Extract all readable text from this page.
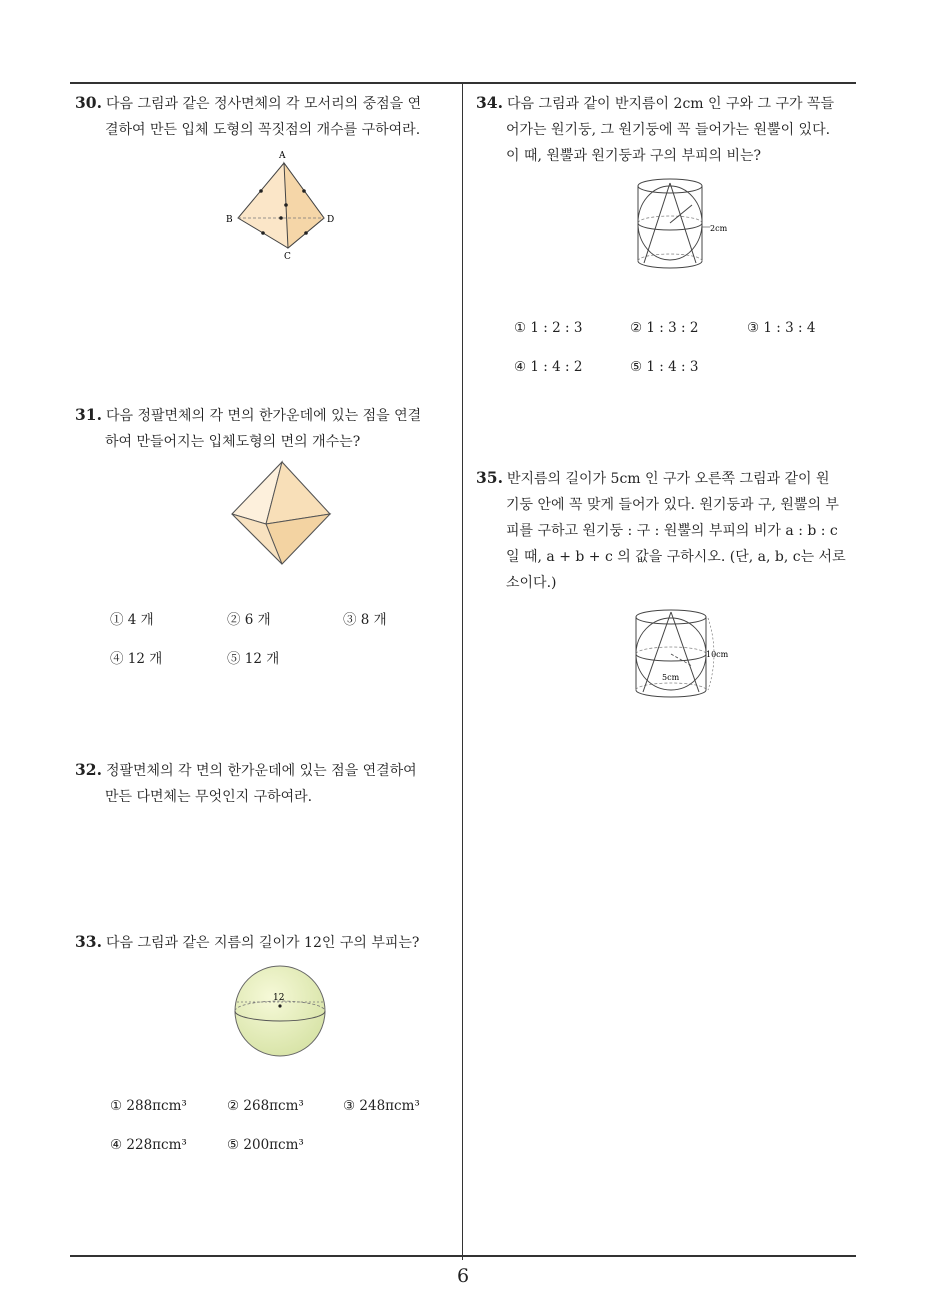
30. 다음 그림과 같은 정사면체의 각 모서리의 중점을 연
결하여 만든 입체 도형의 꼭짓점의 개수를 구하여라.
A
B
C
D
31. 다음 정팔면체의 각 면의 한가운데에 있는 점을 연결
하여 만들어지는 입체도형의 면의 개수는?
① 4 개	② 6 개	③ 8 개
④ 12 개	⑤ 12 개
32. 정팔면체의 각 면의 한가운데에 있는 점을 연결하여
만든 다면체는 무엇인지 구하여라.
33. 다음 그림과 같은 지름의 길이가 12인 구의 부피는?
12
① 288πcm³	② 268πcm³	③ 248πcm³
④ 228πcm³	⑤ 200πcm³
34. 다음 그림과 같이 반지름이 2cm 인 구와 그 구가 꼭들
어가는 원기둥, 그 원기둥에 꼭 들어가는 원뿔이 있다.
이 때, 원뿔과 원기둥과 구의 부피의 비는?
2cm
① 1 : 2 : 3	② 1 : 3 : 2	③ 1 : 3 : 4
④ 1 : 4 : 2	⑤ 1 : 4 : 3
35. 반지름의 길이가 5cm 인 구가 오른쪽 그림과 같이 원
기둥 안에 꼭 맞게 들어가 있다. 원기둥과 구, 원뿔의 부
피를 구하고 원기둥 : 구 : 원뿔의 부피의 비가 a : b : c
일 때, a + b + c 의 값을 구하시오. (단, a, b, c는 서로
소이다.)
10cm
5cm
6
